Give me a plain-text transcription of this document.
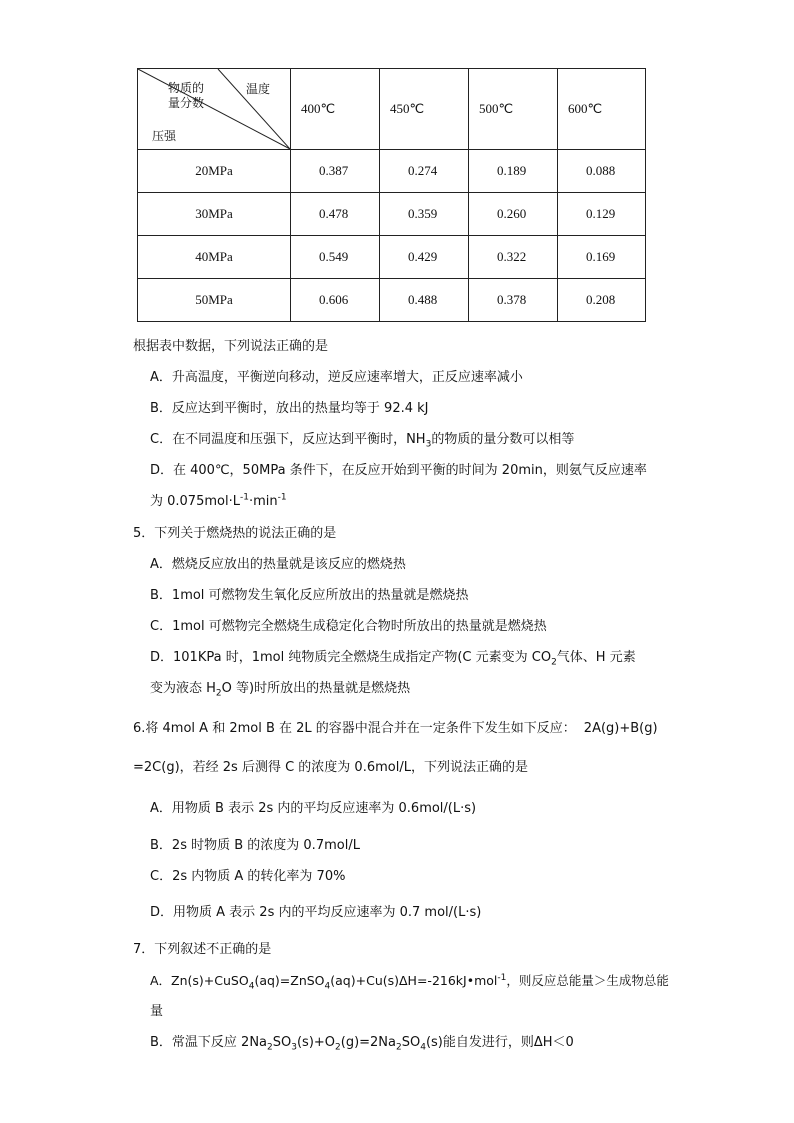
物质的
量分数
温度
压强	400℃	450℃	500℃	600℃
20MPa	0.387	0.274	0.189	0.088
30MPa	0.478	0.359	0.260	0.129
40MPa	0.549	0.429	0.322	0.169
50MPa	0.606	0.488	0.378	0.208
根据表中数据，下列说法正确的是
A．升高温度，平衡逆向移动，逆反应速率增大，正反应速率减小
B．反应达到平衡时，放出的热量均等于 92.4 kJ
C．在不同温度和压强下，反应达到平衡时，$NH_3$的物质的量分数可以相等
D．在 400℃，50MPa 条件下，在反应开始到平衡的时间为 20min，则氨气反应速率
为 $0.075mol\cdot L^{-1}\cdot\min^{-1}$
5．下列关于燃烧热的说法正确的是
A．燃烧反应放出的热量就是该反应的燃烧热
B．1mol 可燃物发生氧化反应所放出的热量就是燃烧热
C．1mol 可燃物完全燃烧生成稳定化合物时所放出的热量就是燃烧热
D．101KPa 时，1mol 纯物质完全燃烧生成指定产物(C 元素变为 $CO_2$气体、H 元素
变为液态 $H_2O$ 等)时所放出的热量就是燃烧热
6.将 4mol A 和 2mol B 在 2L 的容器中混合并在一定条件下发生如下反应： 2A(g)+B(g)
=2C(g)，若经 2s 后测得 C 的浓度为 0.6mol/L，下列说法正确的是
A．用物质 B 表示 2s 内的平均反应速率为 0.6mol/(L·s)
B．2s 时物质 B 的浓度为 0.7mol/L
C．2s 内物质 A 的转化率为 70%
D．用物质 A 表示 2s 内的平均反应速率为 0.7 mol/(L·s)
7．下列叙述不正确的是
A．Zn(s)+CuSO$_4$(aq)=ZnSO$_4$(aq)+Cu(s)ΔH=-216kJ•mol$^{-1}$，则反应总能量＞生成物总能
量
B．常温下反应 $2Na_2SO_3(s)+O_2(g)=2Na_2SO_4(s)$能自发进行，则ΔH＜0
